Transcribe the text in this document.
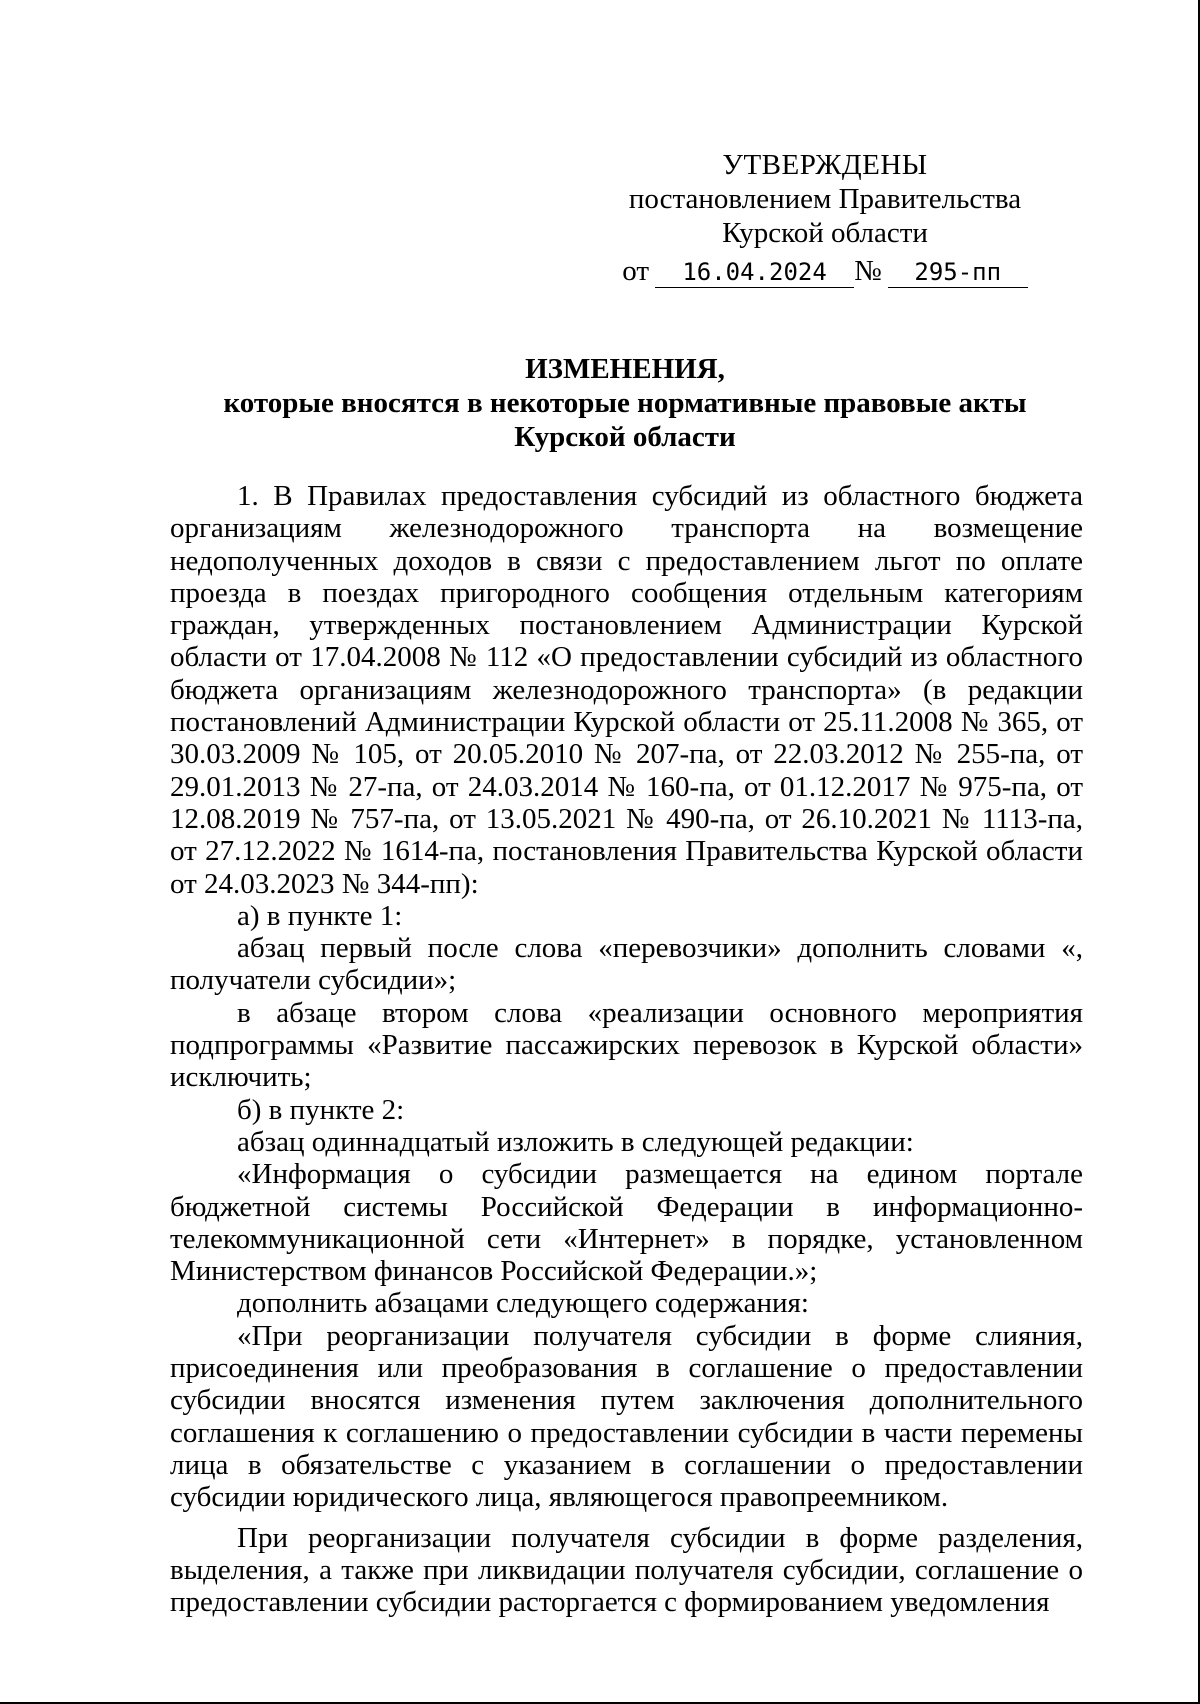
УТВЕРЖДЕНЫ
постановлением Правительства
Курской области
от	16.04.2024 №	295-пп
ИЗМЕНЕНИЯ,
которые вносятся в некоторые нормативные правовые акты
Курской области

1. В Правилах предоставления субсидий из областного бюджета организациям железнодорожного транспорта на возмещение недополученных доходов в связи с предоставлением льгот по оплате проезда в поездах пригородного сообщения отдельным категориям граждан, утвержденных постановлением Администрации Курской области от 17.04.2008 № 112 «О предоставлении субсидий из областного бюджета организациям железнодорожного транспорта» (в редакции постановлений Администрации Курской области от 25.11.2008 № 365, от 30.03.2009 № 105, от 20.05.2010 № 207-па, от 22.03.2012 № 255-па, от 29.01.2013 № 27-па, от 24.03.2014 № 160-па, от 01.12.2017 № 975-па, от 12.08.2019 № 757-па, от 13.05.2021 № 490-па, от 26.10.2021 № 1113-па, от 27.12.2022 № 1614-па, постановления Правительства Курской области от 24.03.2023 № 344-пп):

а) в пункте 1:

абзац первый после слова «перевозчики» дополнить словами «, получатели субсидии»;

в абзаце втором слова «реализации основного мероприятия подпрограммы «Развитие пассажирских перевозок в Курской области» исключить;

б) в пункте 2:

абзац одиннадцатый изложить в следующей редакции:

«Информация о субсидии размещается на едином портале бюджетной системы Российской Федерации в информационно-телекоммуникационной сети «Интернет» в порядке, установленном Министерством финансов Российской Федерации.»;

дополнить абзацами следующего содержания:

«При реорганизации получателя субсидии в форме слияния, присоединения или преобразования в соглашение о предоставлении субсидии вносятся изменения путем заключения дополнительного соглашения к соглашению о предоставлении субсидии в части перемены лица в обязательстве с указанием в соглашении о предоставлении субсидии юридического лица, являющегося правопреемником.

При реорганизации получателя субсидии в форме разделения, выделения, а также при ликвидации получателя субсидии, соглашение о предоставлении субсидии расторгается с формированием уведомления
